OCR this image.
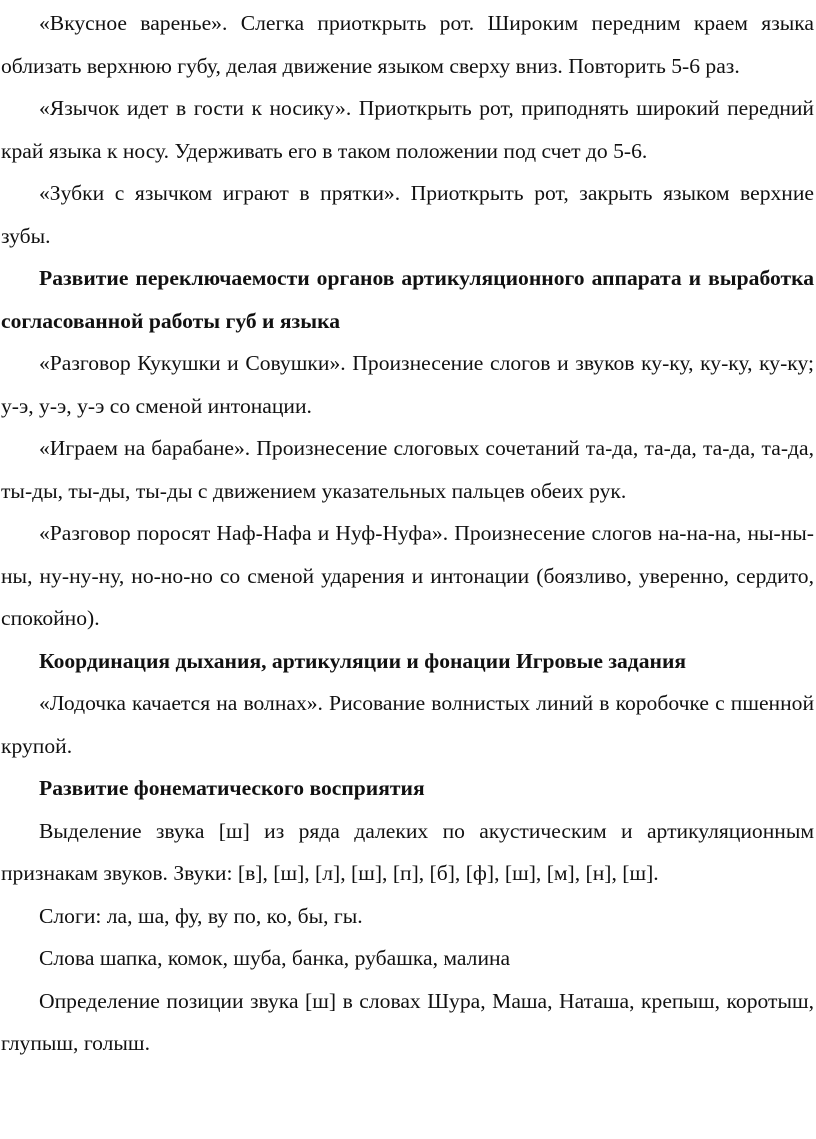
«Вкусное варенье». Слегка приоткрыть рот. Широким передним краем языка облизать верхнюю губу, делая движение языком сверху вниз. Повторить 5-6 раз.

«Язычок идет в гости к носику». Приоткрыть рот, приподнять широкий передний край языка к носу. Удерживать его в таком положении под счет до 5-6.

«Зубки с язычком играют в прятки». Приоткрыть рот, закрыть языком верхние зубы.

Развитие переключаемости органов артикуляционного аппарата и выработка согласованной работы губ и языка

«Разговор Кукушки и Совушки». Произнесение слогов и звуков ку-ку, ку-ку, ку-ку; у-э, у-э, у-э со сменой интонации.

«Играем на барабане». Произнесение слоговых сочетаний та-да, та-да, та-да, та-да, ты-ды, ты-ды, ты-ды с движением указательных пальцев обеих рук.

«Разговор поросят Наф-Нафа и Нуф-Нуфа». Произнесение слогов на-на-на, ны-ны-ны, ну-ну-ну, но-но-но со сменой ударения и интонации (боязливо, уверенно, сердито, спокойно).

Координация дыхания, артикуляции и фонации Игровые задания

«Лодочка качается на волнах». Рисование волнистых линий в коробочке с пшенной крупой.

Развитие фонематического восприятия

Выделение звука [ш] из ряда далеких по акустическим и артикуляционным признакам звуков. Звуки: [в], [ш], [л], [ш], [п], [б], [ф], [ш], [м], [н], [ш].

Слоги: ла, ша, фу, ву по, ко, бы, гы.

Слова шапка, комок, шуба, банка, рубашка, малина

Определение позиции звука [ш] в словах Шура, Маша, Наташа, крепыш, коротыш, глупыш, голыш.
